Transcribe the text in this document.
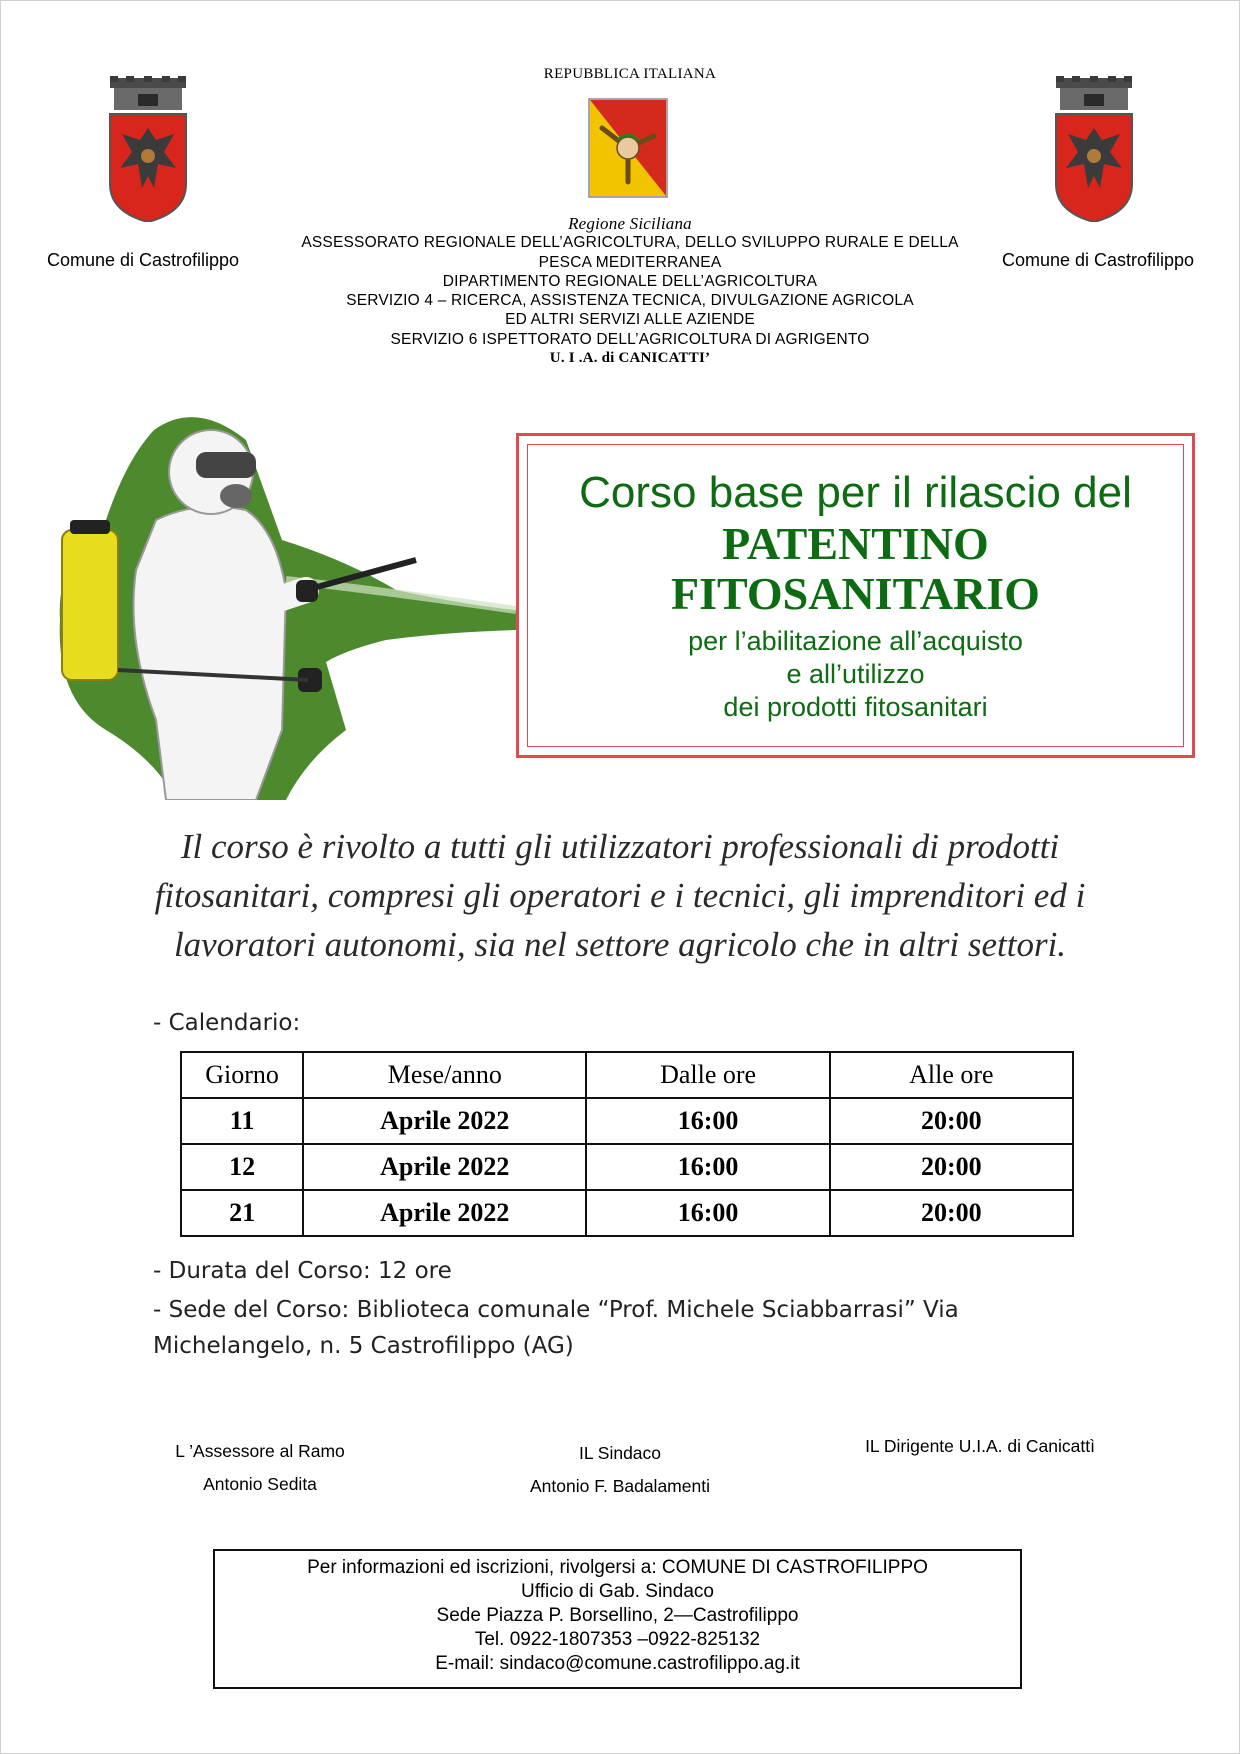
Comune di Castrofilippo	Comune di Castrofilippo
REPUBBLICA ITALIANA
Regione Siciliana
ASSESSORATO REGIONALE DELL’AGRICOLTURA, DELLO SVILUPPO RURALE E DELLA
PESCA MEDITERRANEA
DIPARTIMENTO REGIONALE DELL’AGRICOLTURA
SERVIZIO 4 – RICERCA, ASSISTENZA TECNICA, DIVULGAZIONE AGRICOLA
ED ALTRI SERVIZI ALLE AZIENDE
SERVIZIO 6 ISPETTORATO DELL’AGRICOLTURA DI AGRIGENTO
U. I .A. di CANICATTI’
Corso base per il rilascio del
PATENTINO
FITOSANITARIO
per l’abilitazione all’acquisto
e all’utilizzo
dei prodotti fitosanitari
Il corso è rivolto a tutti gli utilizzatori professionali di prodotti
fitosanitari, compresi gli operatori e i tecnici, gli imprenditori ed i
lavoratori autonomi, sia nel settore agricolo che in altri settori.
- Calendario:
Giorno	Mese/anno	Dalle ore	Alle ore
11	Aprile 2022	16:00	20:00
12	Aprile 2022	16:00	20:00
21	Aprile 2022	16:00	20:00
- Durata del Corso: 12 ore
- Sede del Corso: Biblioteca comunale “Prof. Michele Sciabbarrasi” Via
Michelangelo, n. 5 Castrofilippo (AG)
L ’Assessore al Ramo
Antonio Sedita
IL Sindaco
Antonio F. Badalamenti
IL Dirigente U.I.A. di Canicattì
Per informazioni ed iscrizioni, rivolgersi a: COMUNE DI CASTROFILIPPO
Ufficio di Gab. Sindaco
Sede Piazza P. Borsellino, 2—Castrofilippo
Tel. 0922-1807353 –0922-825132
E-mail: sindaco@comune.castrofilippo.ag.it
